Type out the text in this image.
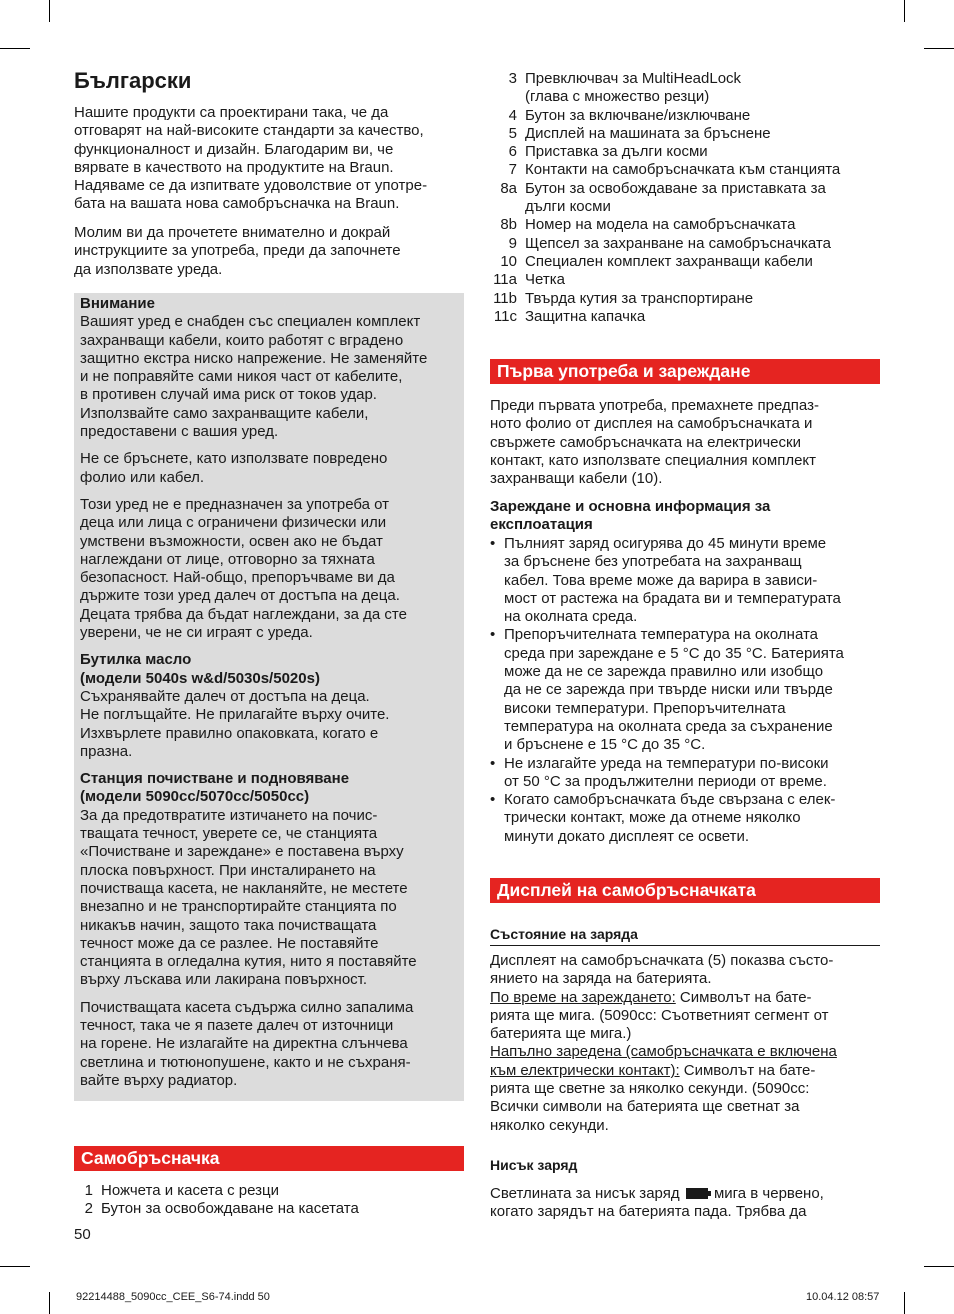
Български

Нашите продукти са проектирани така, че да

отговарят на най-високите стандарти за качество,

функционалност и дизайн. Благодарим ви, че

вярвате в качеството на продуктите на Braun.

Надяваме се да изпитвате удоволствие от употре-

бата на вашата нова самобръсначка на Braun.

Молим ви да прочетете внимателно и докрай

инструкциите за употреба, преди да започнете

да използвате уреда.

Внимание

Вашият уред е снабден със специален комплект

захранващи кабели, които работят с вградено

защитно екстра ниско напрежение. Не заменяйте

и не поправяйте сами никоя част от кабелите,

в противен случай има риск от токов удар.

Използвайте само захранващите кабели,

предоставени с вашия уред.

Не се бръснете, като използвате повредено

фолио или кабел.

Този уред не е предназначен за употреба от

деца или лица с ограничени физически или

умствени възможности, освен ако не бъдат

наглеждани от лице, отговорно за тяхната

безопасност. Най-общо, препоръчваме ви да

държите този уред далеч от достъпа на деца.

Децата трябва да бъдат наглеждани, за да сте

уверени, че не си играят с уреда.

Бутилка масло

(модели 5040s w&d/5030s/5020s)

Съхранявайте далеч от достъпа на деца.

Не поглъщайте. Не прилагайте върху очите.

Изхвърлете правилно опаковката, когато е

празна.

Станция почистване и подновяване

(модели 5090cc/5070cc/5050cc)

За да предотвратите изтичането на почис-

тващата течност, уверете се, че станцията

«Почистване и зареждане» е поставена върху

плоска повърхност. При инсталирането на

почистваща касета, не накланяйте, не местете

внезапно и не транспортирайте станцията по

никакъв начин, защото така почистващата

течност може да се разлее. Не поставяйте

станцията в огледална кутия, нито я поставяйте

върху лъскава или лакирана повърхност.

Почистващата касета съдържа силно запалима

течност, така че я пазете далеч от източници

на горене. Не излагайте на директна слънчева

светлина и тютюнопушене, както и не съхраня-

вайте върху радиатор.

Самобръсначка
1 Ножчета и касета с резци
2 Бутон за освобождаване на касетата
50
3 Превключвач за MultiHeadLock
(глава с множество резци)
4 Бутон за включване/изключване
5 Дисплей на машината за бръснене
6 Приставка за дълги косми
7 Контакти на самобръсначката към станцията
8a Бутон за освобождаване за приставката за
дълги косми
8b Номер на модела на самобръсначката
9 Щепсел за захранване на самобръсначката
10 Специален комплект захранващи кабели
11a Четка
11b Твърда кутия за транспортиране
11c Защитна капачка
Първа употреба и зареждане

Преди първата употреба, премахнете предпаз-

ното фолио от дисплея на самобръсначката и

свържете самобръсначката на електрически

контакт, като използвате специалния комплект

захранващи кабели (10).

Зареждане и основна информация за

експлоатация

• Пълният заряд осигурява до 45 минути време

за бръснене без употребата на захранващ

кабел. Това време може да варира в зависи-

мост от растежа на брадата ви и температурата

на околната среда.

• Препоръчителната температура на околната

среда при зареждане е 5 °C до 35 °C. Батерията

може да не се зарежда правилно или изобщо

да не се зарежда при твърде ниски или твърде

високи температури. Препоръчителната

температура на околната среда за съхранение

и бръснене е 15 °C до 35 °C.

• Не излагайте уреда на температури по-високи

от 50 °C за продължителни периоди от време.

• Когато самобръсначката бъде свързана с елек-

трически контакт, може да отнеме няколко

минути докато дисплеят се освети.

Дисплей на самобръсначката
Състояние на заряда

Дисплеят на самобръсначката (5) показва състо-

янието на заряда на батерията.

По време на зареждането: Символът на бате-

рията ще мига. (5090cc: Съответният сегмент от

батерията ще мига.)

Напълно заредена (самобръсначката е включена

към електрически контакт): Символът на бате-

рията ще светне за няколко секунди. (5090cc:

Всички символи на батерията ще светнат за

няколко секунди.

Нисък заряд

Светлината за нисък заряд мига в червено,

когато зарядът на батерията пада. Трябва да

92214488_5090cc_CEE_S6-74.indd 50	10.04.12 08:57
